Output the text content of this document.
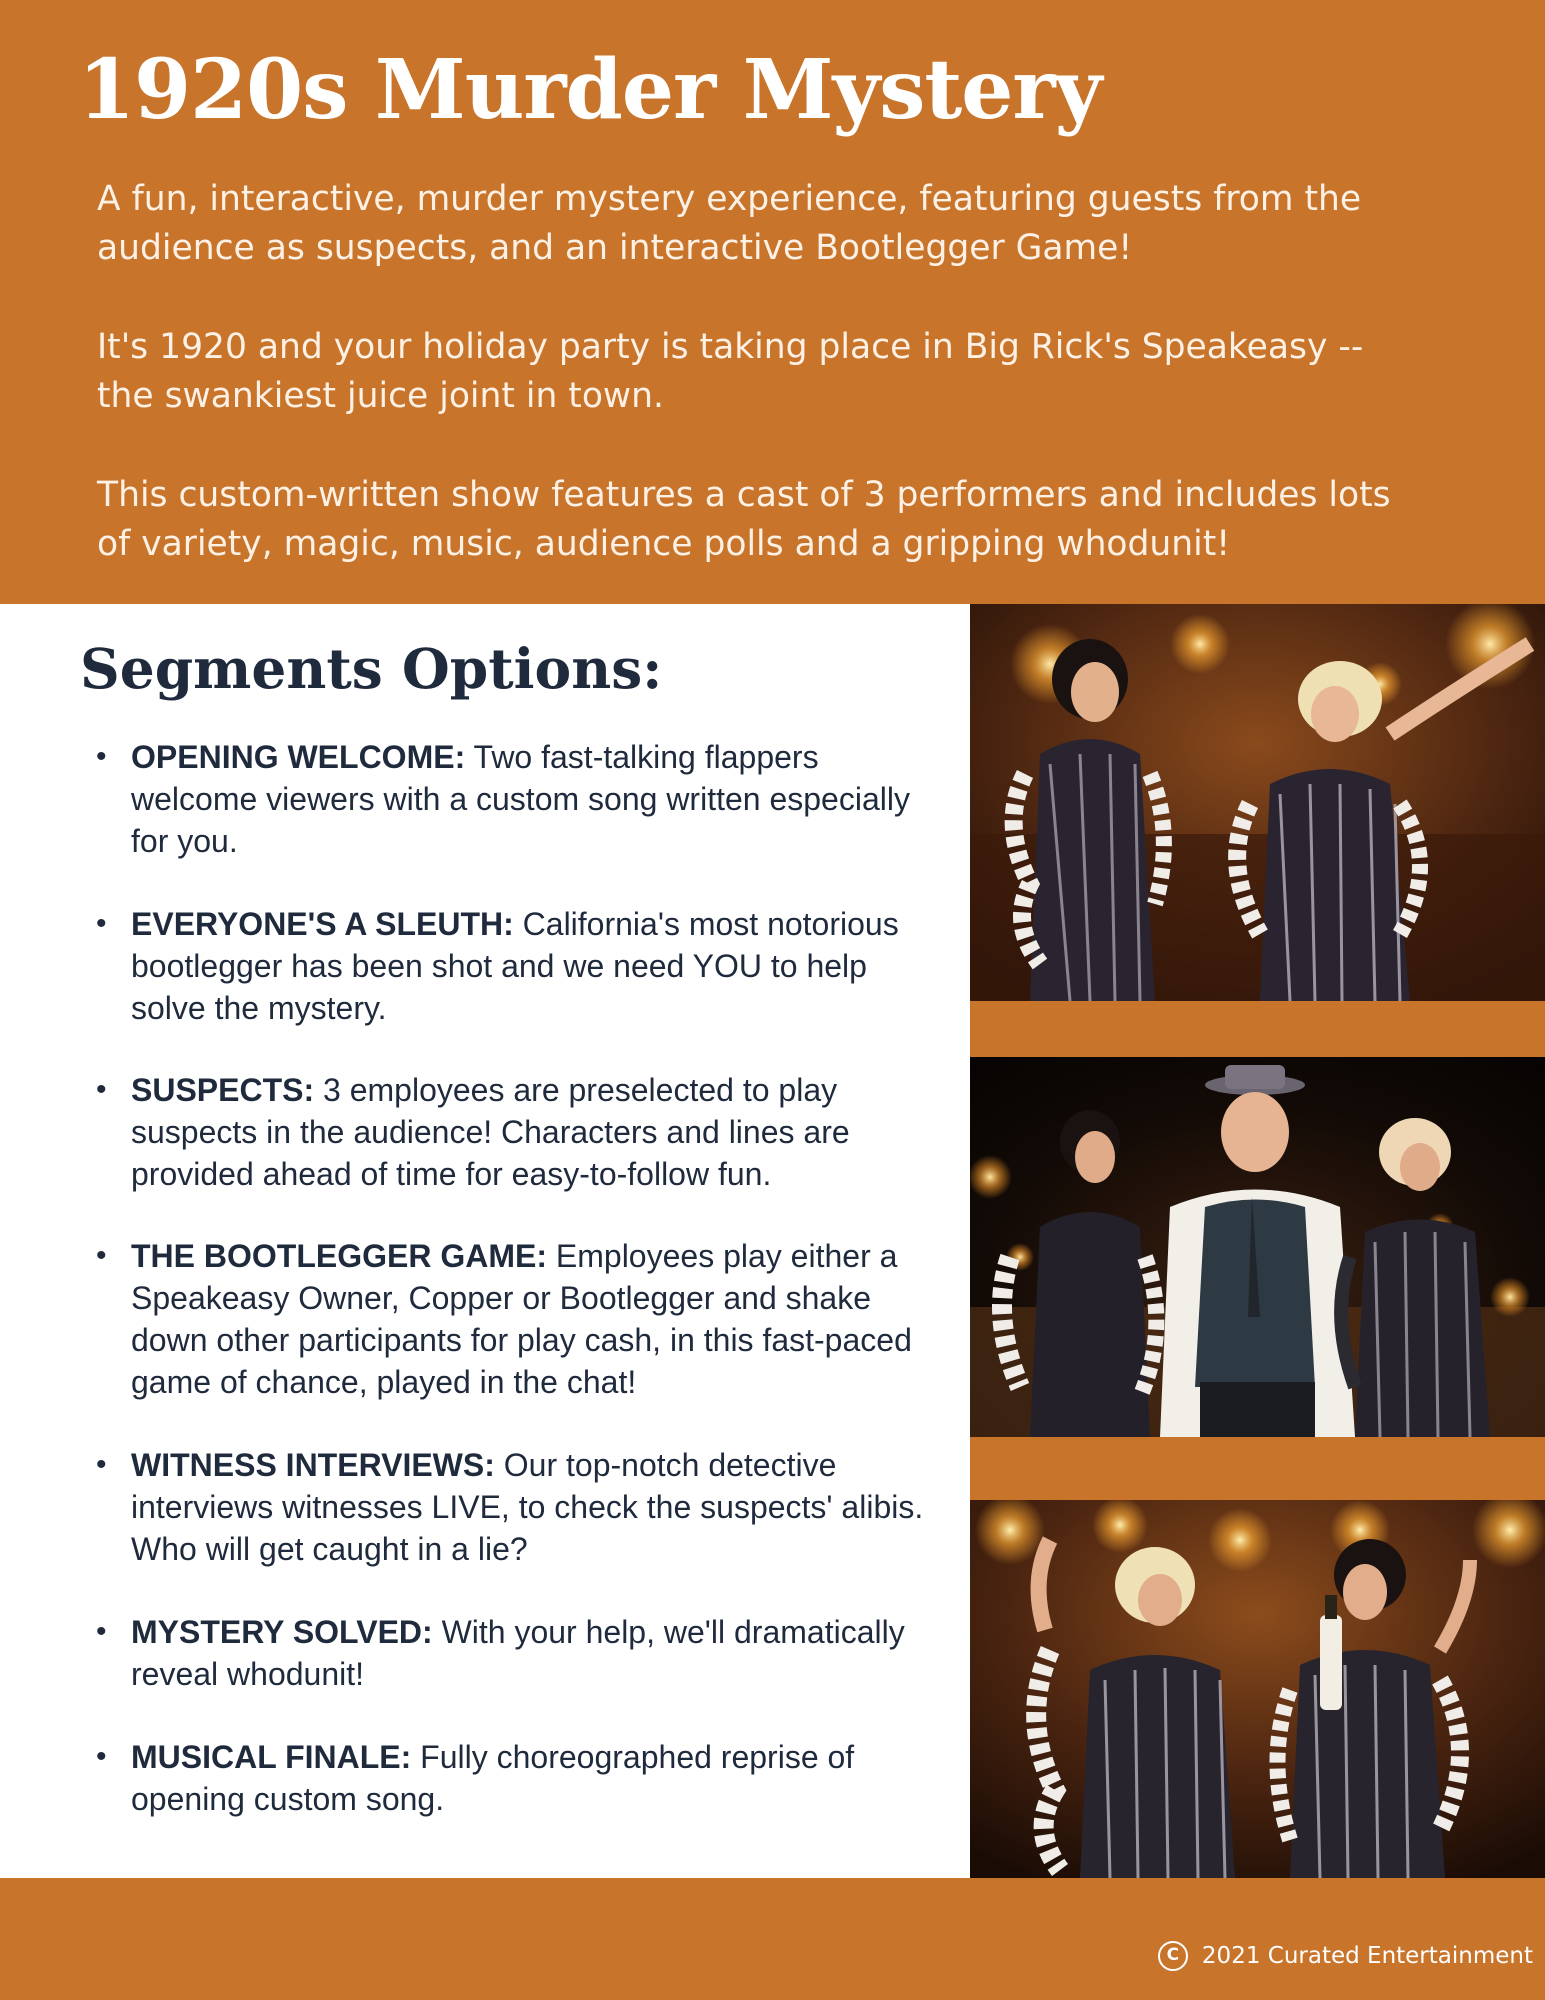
1920s Murder Mystery

A fun, interactive, murder mystery experience, featuring guests from the audience as suspects, and an interactive Bootlegger Game!

It's 1920 and your holiday party is taking place in Big Rick's Speakeasy -- the swankiest juice joint in town.

This custom-written show features a cast of 3 performers and includes lots of variety, magic, music, audience polls and a gripping whodunit!

Segments Options:
• OPENING WELCOME: Two fast-talking flappers welcome viewers with a custom song written especially for you.
• EVERYONE'S A SLEUTH: California's most notorious bootlegger has been shot and we need YOU to help solve the mystery.
• SUSPECTS: 3 employees are preselected to play suspects in the audience! Characters and lines are provided ahead of time for easy-to-follow fun.
• THE BOOTLEGGER GAME: Employees play either a Speakeasy Owner, Copper or Bootlegger and shake down other participants for play cash, in this fast-paced game of chance, played in the chat!
• WITNESS INTERVIEWS: Our top-notch detective interviews witnesses LIVE, to check the suspects' alibis. Who will get caught in a lie?
• MYSTERY SOLVED: With your help, we'll dramatically reveal whodunit!
• MUSICAL FINALE: Fully choreographed reprise of opening custom song.
C 2021 Curated Entertainment
